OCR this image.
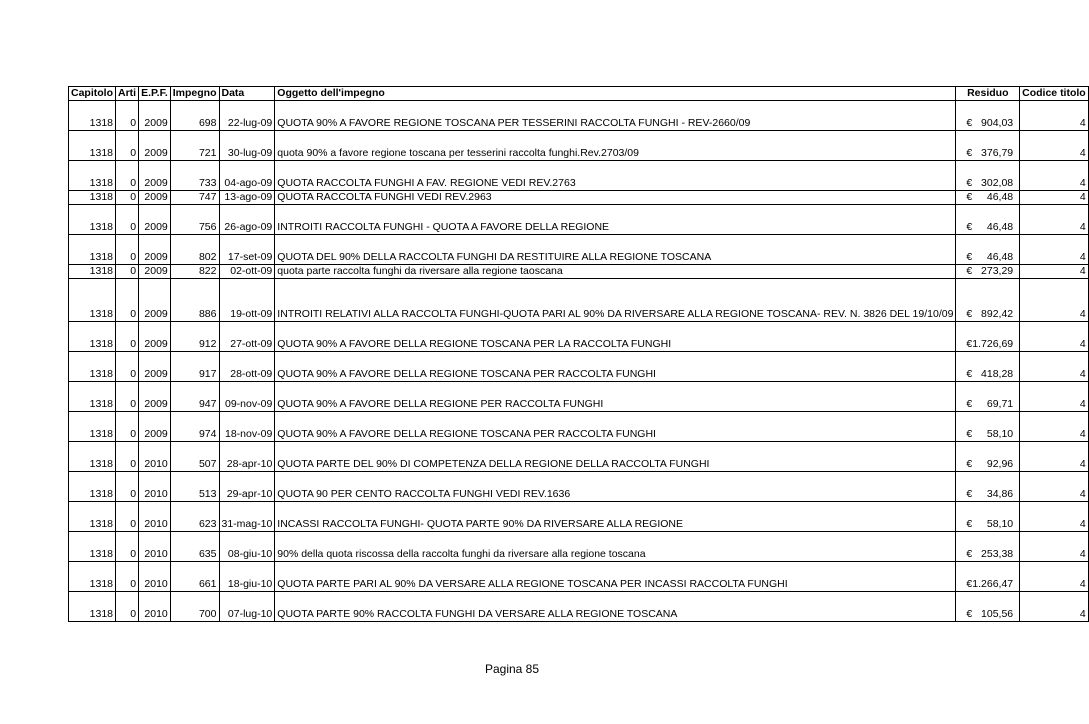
Capitolo	Arti	E.P.F.	Impegno	Data	Oggetto dell'impegno	Residuo	Codice titolo
1318	0	2009	698	22-lug-09	QUOTA 90% A FAVORE REGIONE TOSCANA PER TESSERINI RACCOLTA FUNGHI - REV-2660/09	€ 904,03	4
1318	0	2009	721	30-lug-09	quota 90% a favore regione toscana per tesserini raccolta funghi.Rev.2703/09	€ 376,79	4
1318	0	2009	733	04-ago-09	QUOTA RACCOLTA FUNGHI A FAV. REGIONE VEDI REV.2763	€ 302,08	4
1318	0	2009	747	13-ago-09	QUOTA RACCOLTA FUNGHI VEDI REV.2963	€ 46,48	4
1318	0	2009	756	26-ago-09	INTROITI RACCOLTA FUNGHI - QUOTA A FAVORE DELLA REGIONE	€ 46,48	4
1318	0	2009	802	17-set-09	QUOTA DEL 90% DELLA RACCOLTA FUNGHI DA RESTITUIRE ALLA REGIONE TOSCANA	€ 46,48	4
1318	0	2009	822	02-ott-09	quota parte raccolta funghi da riversare alla regione taoscana	€ 273,29	4
1318	0	2009	886	19-ott-09	INTROITI RELATIVI ALLA RACCOLTA FUNGHI-QUOTA PARI AL 90% DA RIVERSARE ALLA REGIONE TOSCANA- REV. N. 3826 DEL 19/10/09	€ 892,42	4
1318	0	2009	912	27-ott-09	QUOTA 90% A FAVORE DELLA REGIONE TOSCANA PER LA RACCOLTA FUNGHI	€ 1.726,69	4
1318	0	2009	917	28-ott-09	QUOTA 90% A FAVORE DELLA REGIONE TOSCANA PER RACCOLTA FUNGHI	€ 418,28	4
1318	0	2009	947	09-nov-09	QUOTA 90% A FAVORE DELLA REGIONE PER RACCOLTA FUNGHI	€ 69,71	4
1318	0	2009	974	18-nov-09	QUOTA 90% A FAVORE DELLA REGIONE TOSCANA PER RACCOLTA FUNGHI	€ 58,10	4
1318	0	2010	507	28-apr-10	QUOTA PARTE DEL 90% DI COMPETENZA DELLA REGIONE DELLA RACCOLTA FUNGHI	€ 92,96	4
1318	0	2010	513	29-apr-10	QUOTA 90 PER CENTO RACCOLTA FUNGHI VEDI REV.1636	€ 34,86	4
1318	0	2010	623	31-mag-10	INCASSI RACCOLTA FUNGHI- QUOTA PARTE 90% DA RIVERSARE ALLA REGIONE	€ 58,10	4
1318	0	2010	635	08-giu-10	90% della quota riscossa della raccolta funghi da riversare alla regione toscana	€ 253,38	4
1318	0	2010	661	18-giu-10	QUOTA PARTE PARI AL 90% DA VERSARE ALLA REGIONE TOSCANA PER INCASSI RACCOLTA FUNGHI	€ 1.266,47	4
1318	0	2010	700	07-lug-10	QUOTA PARTE 90% RACCOLTA FUNGHI DA VERSARE ALLA REGIONE TOSCANA	€ 105,56	4
Pagina 85
